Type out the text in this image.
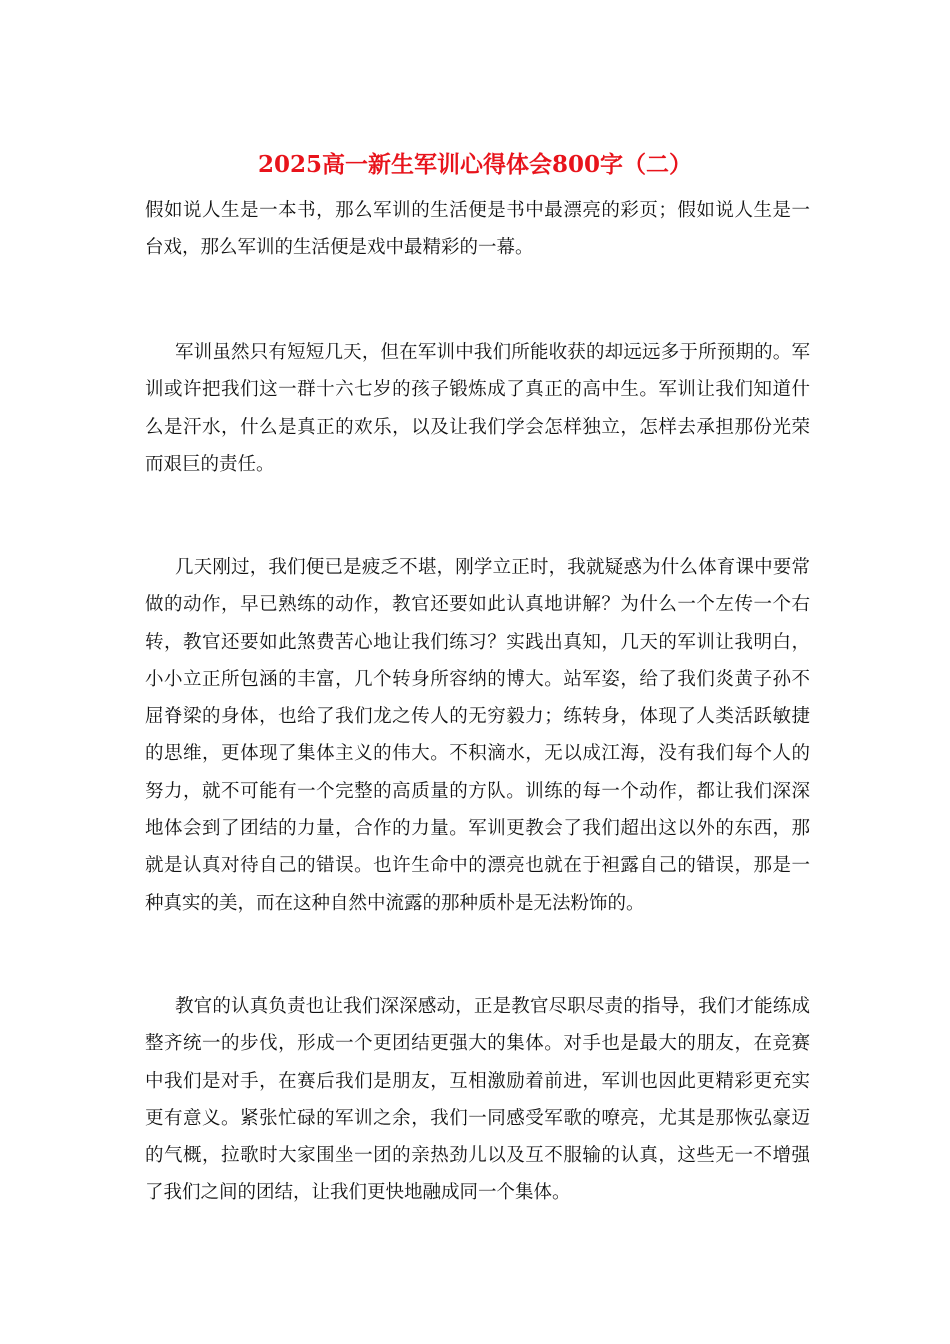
2025高一新生军训心得体会800字（二）

假如说人生是一本书，那么军训的生活便是书中最漂亮的彩页；假如说人生是一台戏，那么军训的生活便是戏中最精彩的一幕。

军训虽然只有短短几天，但在军训中我们所能收获的却远远多于所预期的。军训或许把我们这一群十六七岁的孩子锻炼成了真正的高中生。军训让我们知道什么是汗水，什么是真正的欢乐，以及让我们学会怎样独立，怎样去承担那份光荣而艰巨的责任。

几天刚过，我们便已是疲乏不堪，刚学立正时，我就疑惑为什么体育课中要常做的动作，早已熟练的动作，教官还要如此认真地讲解？为什么一个左传一个右转，教官还要如此煞费苦心地让我们练习？实践出真知，几天的军训让我明白，小小立正所包涵的丰富，几个转身所容纳的博大。站军姿，给了我们炎黄子孙不屈脊梁的身体，也给了我们龙之传人的无穷毅力；练转身，体现了人类活跃敏捷的思维，更体现了集体主义的伟大。不积滴水，无以成江海，没有我们每个人的努力，就不可能有一个完整的高质量的方队。训练的每一个动作，都让我们深深地体会到了团结的力量，合作的力量。军训更教会了我们超出这以外的东西，那就是认真对待自己的错误。也许生命中的漂亮也就在于袒露自己的错误，那是一种真实的美，而在这种自然中流露的那种质朴是无法粉饰的。

教官的认真负责也让我们深深感动，正是教官尽职尽责的指导，我们才能练成整齐统一的步伐，形成一个更团结更强大的集体。对手也是最大的朋友，在竞赛中我们是对手，在赛后我们是朋友，互相激励着前进，军训也因此更精彩更充实更有意义。紧张忙碌的军训之余，我们一同感受军歌的嘹亮，尤其是那恢弘豪迈的气概，拉歌时大家围坐一团的亲热劲儿以及互不服输的认真，这些无一不增强了我们之间的团结，让我们更快地融成同一个集体。
